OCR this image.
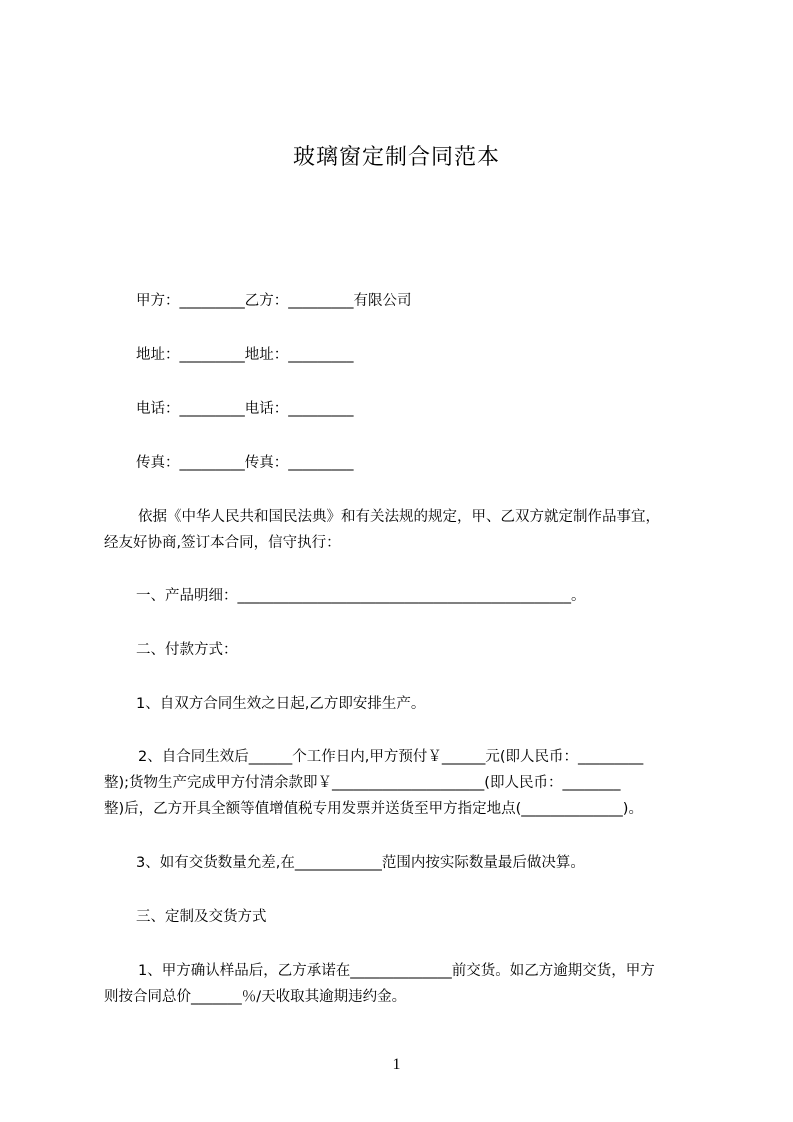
玻璃窗定制合同范本
甲方：_________乙方：_________有限公司
地址：_________地址：_________
电话：_________电话：_________
传真：_________传真：_________
依据《中华人民共和国民法典》和有关法规的规定，甲、乙双方就定制作品事宜，
经友好协商,签订本合同，信守执行：
一、产品明细：______________________________________________。
二、付款方式：
1、自双方合同生效之日起,乙方即安排生产。
2、自合同生效后______个工作日内,甲方预付￥______元(即人民币：_________
整);货物生产完成甲方付清余款即￥_____________________(即人民币：________
整)后，乙方开具全额等值增值税专用发票并送货至甲方指定地点(______________)。
3、如有交货数量允差,在____________范围内按实际数量最后做决算。
三、定制及交货方式
1、甲方确认样品后，乙方承诺在______________前交货。如乙方逾期交货，甲方
则按合同总价_______％/天收取其逾期违约金。
1
